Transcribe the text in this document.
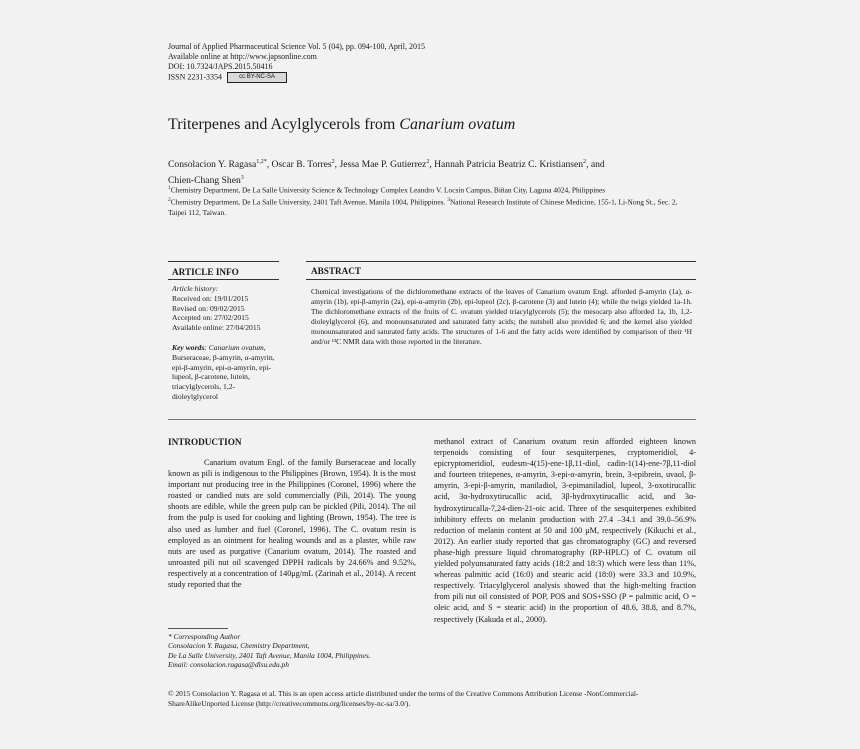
Journal of Applied Pharmaceutical Science Vol. 5 (04), pp. 094-100, April, 2015
Available online at http://www.japsonline.com
DOI: 10.7324/JAPS.2015.50416
ISSN 2231-3354	cc BY-NC-SA
Triterpenes and Acylglycerols from Canarium ovatum
Consolacion Y. Ragasa$^{1,2*}$, Oscar B. Torres$^2$, Jessa Mae P. Gutierrez$^2$, Hannah Patricia Beatriz C. Kristiansen$^2$, and
Chien-Chang Shen$^3$
$^1$Chemistry Department, De La Salle University Science & Technology Complex Leandro V. Locsin Campus, Biñan City, Laguna 4024, Philippines
$^2$Chemistry Department, De La Salle University, 2401 Taft Avenue, Manila 1004, Philippines. $^3$National Research Institute of Chinese Medicine, 155-1, Li-Nong St., Sec. 2, Taipei 112, Taiwan.
ARTICLE INFO
Article history:
Received on: 19/01/2015
Revised on: 09/02/2015
Accepted on: 27/02/2015
Available online: 27/04/2015
Key words: Canarium ovatum, Burseraceae, β-amyrin, α-amyrin, epi-β-amyrin, epi-α-amyrin, epi-lupeol, β-carotene, lutein, triacylglycerols, 1,2-dioleylglycerol
ABSTRACT
Chemical investigations of the dichloromethane extracts of the leaves of Canarium ovatum Engl. afforded β-amyrin (1a), α-amyrin (1b), epi-β-amyrin (2a), epi-α-amyrin (2b), epi-lupeol (2c), β-carotene (3) and lutein (4); while the twigs yielded 1a-1h. The dichloromethane extracts of the fruits of C. ovatum yielded triacylglycerols (5); the mesocarp also afforded 1a, 1b, 1,2-dioleylglycerol (6), and monounsaturated and saturated fatty acids; the nutshell also provided 6; and the kernel also yielded monounsaturated and saturated fatty acids. The structures of 1-6 and the fatty acids were identified by comparison of their ¹H and/or ¹³C NMR data with those reported in the literature.
INTRODUCTION
Canarium ovatum Engl. of the family Burseraceae and locally known as pili is indigenous to the Philippines (Brown, 1954). It is the most important nut producing tree in the Philippines (Coronel, 1996) where the roasted or candied nuts are sold commercially (Pili, 2014). The young shoots are edible, while the green pulp can be pickled (Pili, 2014). The oil from the pulp is used for cooking and lighting (Brown, 1954). The tree is also used as lumber and fuel (Coronel, 1996). The C. ovatum resin is employed as an ointment for healing wounds and as a plaster, while raw nuts are used as purgative (Canarium ovatum, 2014). The roasted and unroasted pili nut oil scavenged DPPH radicals by 24.66% and 9.52%, respectively at a concentration of 140μg/mL (Zarinah et al., 2014). A recent study reported that the
methanol extract of Canarium ovatum resin afforded eighteen known terpenoids consisting of four sesquiterpenes, cryptomeridiol, 4-epicryptomeridiol, eudesm-4(15)-ene-1β,11-diol, cadin-1(14)-ene-7β,11-diol and fourteen tritepenes, α-amyrin, 3-epi-α-amyrin, brein, 3-epibrein, uvaol, β-amyrin, 3-epi-β-amyrin, maniladiol, 3-epimaniladiol, lupeol, 3-oxotirucallic acid, 3α-hydroxytirucallic acid, 3β-hydroxytirucallic acid, and 3α-hydroxytirucalla-7,24-dien-21-oic acid. Three of the sesquiterpenes exhibited inhibitory effects on melanin production with 27.4 –34.1 and 39.0–56.9% reduction of melanin content at 50 and 100 μM, respectively (Kikuchi et al., 2012). An earlier study reported that gas chromatography (GC) and reversed phase-high pressure liquid chromatography (RP-HPLC) of C. ovatum oil yielded polyunsaturated fatty acids (18:2 and 18:3) which were less than 11%, whereas palmitic acid (16:0) and stearic acid (18:0) were 33.3 and 10.9%, respectively. Triacylglycerol analysis showed that the high-melting fraction from pili nut oil consisted of POP, POS and SOS+SSO (P = palmitic acid, O = oleic acid, and S = stearic acid) in the proportion of 48.6, 38.8, and 8.7%, respectively (Kakuda et al., 2000).
* Corresponding Author
Consolacion Y. Ragasa, Chemistry Department,
De La Salle University, 2401 Taft Avenue, Manila 1004, Philippines.
Email: consolacion.ragasa@dlsu.edu.ph
© 2015 Consolacion Y. Ragasa et al. This is an open access article distributed under the terms of the Creative Commons Attribution License -NonCommercial-ShareAlikeUnported License (http://creativecommons.org/licenses/by-nc-sa/3.0/).
